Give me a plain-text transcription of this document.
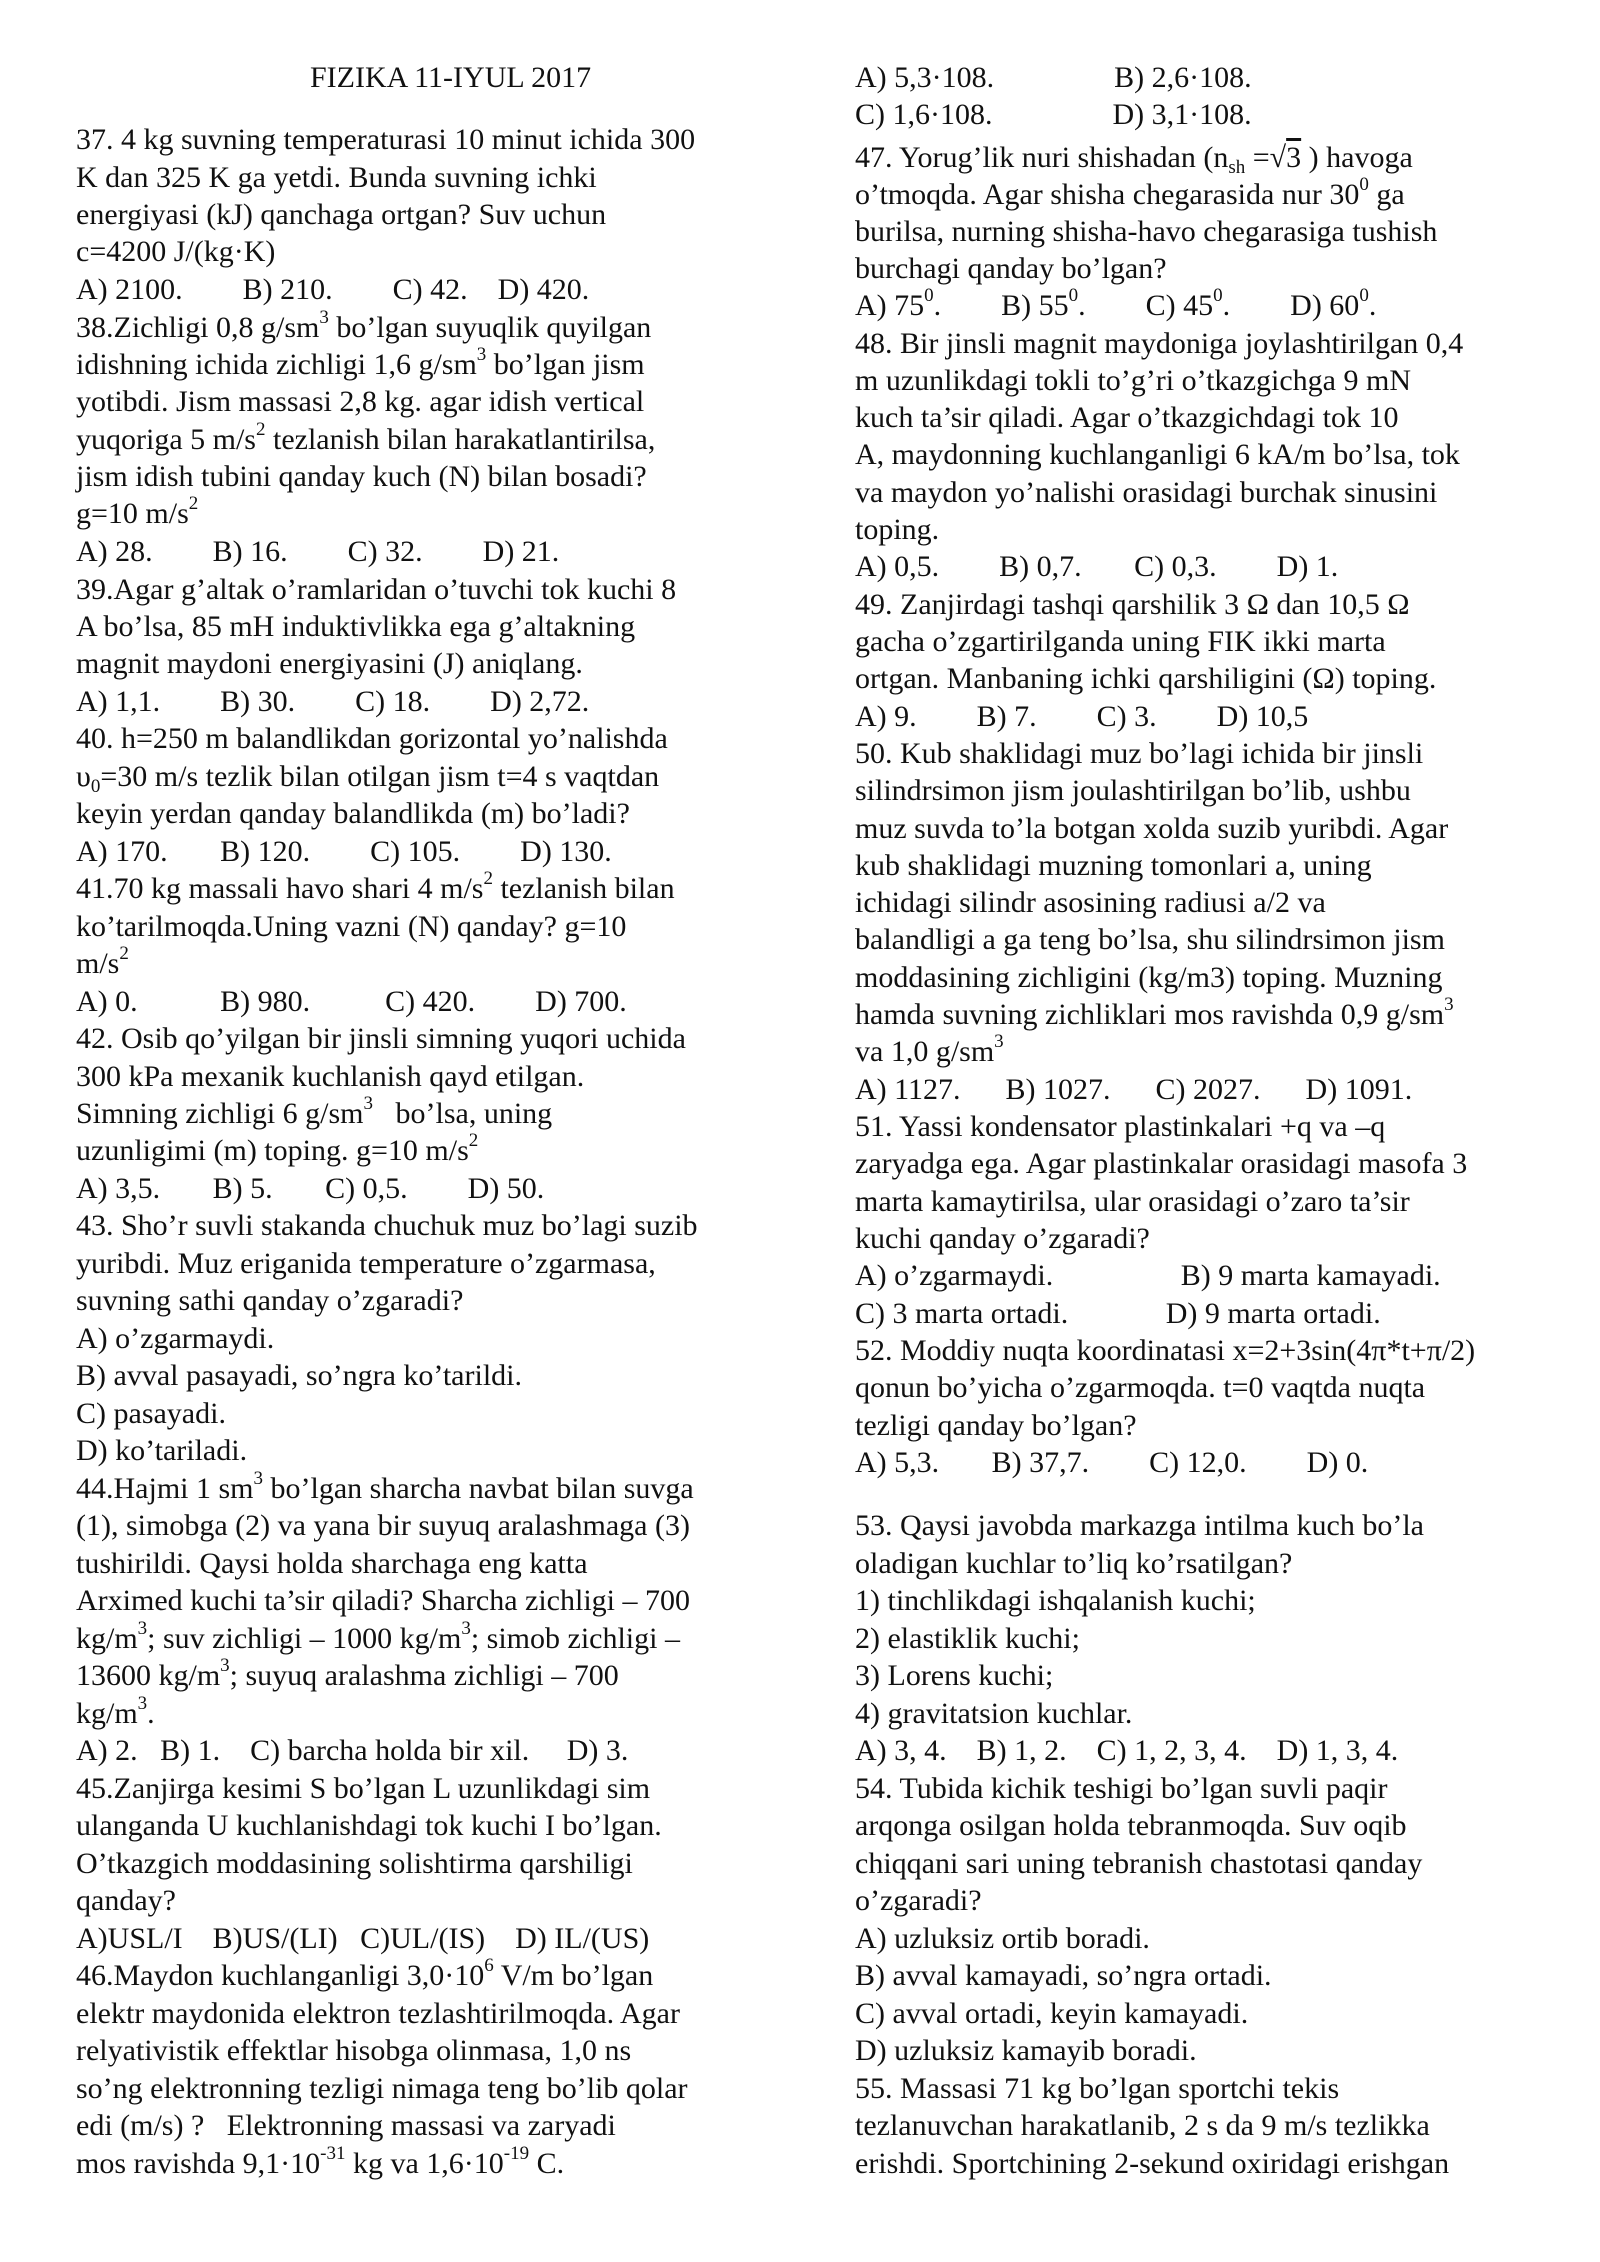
FIZIKA 11-IYUL 2017
37. 4 kg suvning temperaturasi 10 minut ichida 300
K dan 325 K ga yetdi. Bunda suvning ichki
energiyasi (kJ) qanchaga ortgan? Suv uchun
c=4200 J/(kg·K)
A) 2100.        B) 210.        C) 42.    D) 420.
38.Zichligi 0,8 $g/sm^3$ bo’lgan suyuqlik quyilgan
idishning ichida zichligi 1,6 $g/sm^3$ bo’lgan jism
yotibdi. Jism massasi 2,8 kg. agar idish vertical
yuqoriga 5 $m/s^2$ tezlanish bilan harakatlantirilsa,
jism idish tubini qanday kuch (N) bilan bosadi?
g=10 $m/s^2$
A) 28.        B) 16.        C) 32.        D) 21.
39.Agar g’altak o’ramlaridan o’tuvchi tok kuchi 8
A bo’lsa, 85 mH induktivlikka ega g’altakning
magnit maydoni energiyasini (J) aniqlang.
A) 1,1.        B) 30.        C) 18.        D) 2,72.
40. h=250 m balandlikdan gorizontal yo’nalishda
$\upsilon_0=30$ m/s tezlik bilan otilgan jism t=4 s vaqtdan
keyin yerdan qanday balandlikda (m) bo’ladi?
A) 170.       B) 120.        C) 105.        D) 130.
41.70 kg massali havo shari 4 $m/s^2$ tezlanish bilan
ko’tarilmoqda.Uning vazni (N) qanday? g=10
$m/s^2$
A) 0.           B) 980.          C) 420.        D) 700.
42. Osib qo’yilgan bir jinsli simning yuqori uchida
300 kPa mexanik kuchlanish qayd etilgan.
Simning zichligi 6 $g/sm^3$   bo’lsa, uning
uzunligimi (m) toping. g=10 $m/s^2$
A) 3,5.       B) 5.       C) 0,5.        D) 50.
43. Sho’r suvli stakanda chuchuk muz bo’lagi suzib
yuribdi. Muz eriganida temperature o’zgarmasa,
suvning sathi qanday o’zgaradi?
A) o’zgarmaydi.
B) avval pasayadi, so’ngra ko’tarildi.
C) pasayadi.
D) ko’tariladi.
44.Hajmi 1 $sm^3$ bo’lgan sharcha navbat bilan suvga
(1), simobga (2) va yana bir suyuq aralashmaga (3)
tushirildi. Qaysi holda sharchaga eng katta
Arximed kuchi ta’sir qiladi? Sharcha zichligi – 700
$kg/m^3$; suv zichligi – 1000 $kg/m^3$; simob zichligi –
13600 $kg/m^3$; suyuq aralashma zichligi – 700
$kg/m^3$.
A) 2.   B) 1.    C) barcha holda bir xil.     D) 3.
45.Zanjirga kesimi S bo’lgan L uzunlikdagi sim
ulanganda U kuchlanishdagi tok kuchi I bo’lgan.
O’tkazgich moddasining solishtirma qarshiligi
qanday?
A)USL/I    B)US/(LI)   C)UL/(IS)    D) IL/(US)
46.Maydon kuchlanganligi $3,0\cdot 10^6$ V/m bo’lgan
elektr maydonida elektron tezlashtirilmoqda. Agar
relyativistik effektlar hisobga olinmasa, 1,0 ns
so’ng elektronning tezligi nimaga teng bo’lib qolar
edi (m/s) ?   Elektronning massasi va zaryadi
mos ravishda $9,1\cdot 10^{-31}$ kg va $1,6\cdot 10^{-19}$ C.
A) 5,3·108.                B) 2,6·108.
C) 1,6·108.                D) 3,1·108.
47. Yorug’lik nuri shishadan ($n_{sh} =√3$ ) havoga
o’tmoqda. Agar shisha chegarasida nur $30^0$ ga
burilsa, nurning shisha-havo chegarasiga tushish
burchagi qanday bo’lgan?
A) $75^0$.        B) $55^0$.        C) $45^0$.        D) $60^0$.
48. Bir jinsli magnit maydoniga joylashtirilgan 0,4
m uzunlikdagi tokli to’g’ri o’tkazgichga 9 mN
kuch ta’sir qiladi. Agar o’tkazgichdagi tok 10
A, maydonning kuchlanganligi 6 kA/m bo’lsa, tok
va maydon yo’nalishi orasidagi burchak sinusini
toping.
A) 0,5.        B) 0,7.       C) 0,3.        D) 1.
49. Zanjirdagi tashqi qarshilik 3 Ω dan 10,5 Ω
gacha o’zgartirilganda uning FIK ikki marta
ortgan. Manbaning ichki qarshiligini (Ω) toping.
A) 9.        B) 7.        C) 3.        D) 10,5
50. Kub shaklidagi muz bo’lagi ichida bir jinsli
silindrsimon jism joulashtirilgan bo’lib, ushbu
muz suvda to’la botgan xolda suzib yuribdi. Agar
kub shaklidagi muzning tomonlari a, uning
ichidagi silindr asosining radiusi a/2 va
balandligi a ga teng bo’lsa, shu silindrsimon jism
moddasining zichligini (kg/m3) toping. Muzning
hamda suvning zichliklari mos ravishda 0,9 $g/sm^3$
va 1,0 $g/sm^3$
A) 1127.      B) 1027.      C) 2027.      D) 1091.
51. Yassi kondensator plastinkalari +q va –q
zaryadga ega. Agar plastinkalar orasidagi masofa 3
marta kamaytirilsa, ular orasidagi o’zaro ta’sir
kuchi qanday o’zgaradi?
A) o’zgarmaydi.                 B) 9 marta kamayadi.
C) 3 marta ortadi.             D) 9 marta ortadi.
52. Moddiy nuqta koordinatasi x=2+3sin(4π*t+π/2)
qonun bo’yicha o’zgarmoqda. t=0 vaqtda nuqta
tezligi qanday bo’lgan?
A) 5,3.       B) 37,7.        C) 12,0.        D) 0.
53. Qaysi javobda markazga intilma kuch bo’la
oladigan kuchlar to’liq ko’rsatilgan?
1) tinchlikdagi ishqalanish kuchi;
2) elastiklik kuchi;
3) Lorens kuchi;
4) gravitatsion kuchlar.
A) 3, 4.    B) 1, 2.    C) 1, 2, 3, 4.    D) 1, 3, 4.
54. Tubida kichik teshigi bo’lgan suvli paqir
arqonga osilgan holda tebranmoqda. Suv oqib
chiqqani sari uning tebranish chastotasi qanday
o’zgaradi?
A) uzluksiz ortib boradi.
B) avval kamayadi, so’ngra ortadi.
C) avval ortadi, keyin kamayadi.
D) uzluksiz kamayib boradi.
55. Massasi 71 kg bo’lgan sportchi tekis
tezlanuvchan harakatlanib, 2 s da 9 m/s tezlikka
erishdi. Sportchining 2-sekund oxiridagi erishgan
